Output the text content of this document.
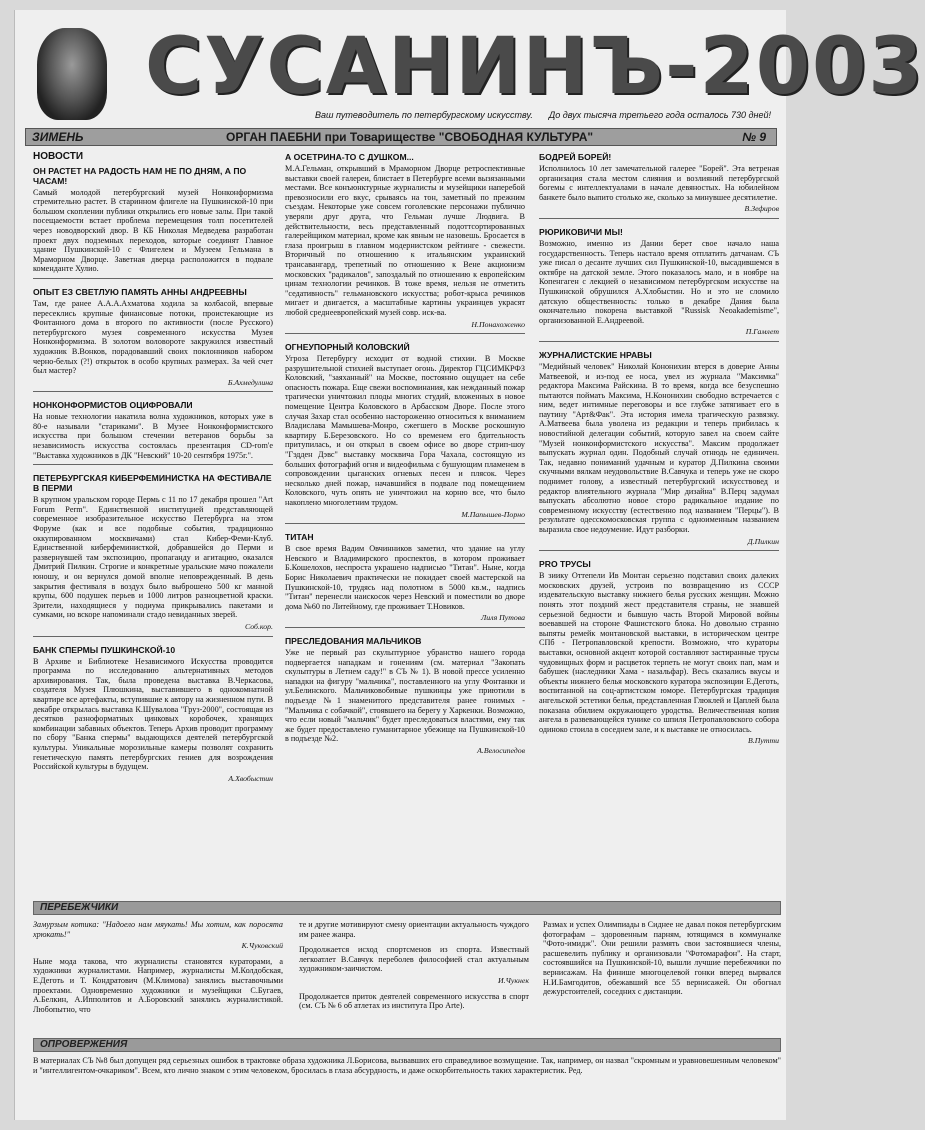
СУСАНИНЪ-2003
Ваш путеводитель по петербургскому искусству. До двух тысяча третьего года осталось 730 дней!
ЗИМЕНЬ	ОРГАН ПАЕБНИ при Товариществе "СВОБОДНАЯ КУЛЬТУРА"	№ 9
НОВОСТИ
ОН РАСТЕТ НА РАДОСТЬ НАМ НЕ ПО ДНЯМ, А ПО ЧАСАМ!
Самый молодой петербургский музей Нонконформизма стремительно растет. В старинном флигеле на Пушкинской-10 при большом скоплении публики открылись его новые залы. При такой посещаемости встает проблема перемещения толп посетителей через новодворский двор. В КБ Николая Медведева разработан проект двух подземных переходов, которые соединят Главное здание Пушкинской-10 с Флигелем и Музеем Гельмана в Мраморном Дворце. Заветная дверца расположится в подвале коменданте Хулио.
ОПЫТ ЕЗ СВЕТЛУЮ ПАМЯТЬ АННЫ АНДРЕЕВНЫ
Там, где ранее А.А.А.Ахматова ходила за колбасой, впервые пересеклись крупные финансовые потоки, проистекающие из Фонтанного дома в второго по активности (после Русского) петербургского музея современного искусства Музея Нонконформизма. В золотом воловороте закружился известный художник В.Вонков, порадовавший своих поклонников набором черно-белых (?!) открыток в особо крупных размерах. За чей счет был мастер?
Б.Ахмедулина
НОНКОНФОРМИСТОВ ОЦИФРОВАЛИ
На новые технологии накатила волна художников, которых уже в 80-е называли "стариками". В Музее Нонконформистского искусства при большом стечении ветеранов борьбы за независимость искусства состоялась презентация CD-rom'e "Выставка художников в ДК "Невский" 10-20 сентября 1975г.".
ПЕТЕРБУРГСКАЯ КИБЕРФЕМИНИСТКА НА ФЕСТИВАЛЕ В ПЕРМИ
В крупном уральском городе Пермь с 11 по 17 декабря прошел "Art Forum Perm". Единственной институцией представляющей современное изобразительное искусство Петербурга на этом Форуме (как и все подобные события, традиционно оккупированном москвичами) стал Кибер-Феми-Клуб. Единственной киберфеминисткой, добравшейся до Перми и развернувшей там экспозицию, пропаганду и агитацию, оказался Дмитрий Пилкин. Строгие и конкретные уральские мачо пожалели юношу, и он вернулся домой вполне неповрежденный. В день закрытия фестиваля в воздух было выброшено 500 кг манной крупы, 600 подушек перьев и 1000 литров разноцветной краски. Зрители, находящиеся у подиума прикрывались пакетами и сумками, но вскоре напоминали стадо невиданных зверей.
Соб.кор.
БАНК СПЕРМЫ ПУШКИНСКОЙ-10
В Архиве и Библиотеке Независимого Искусства проводится программа по исследованию альтернативных методов архивирования. Так, была проведена выставка В.Черкасова, создателя Музея Плюшкина, выставившего в однокомнатной квартире все артефакты, вступившие к автору на жизненном пути. В декабре открылась выставка К.Шувалова "Груз-2000", состоящая из десятков разноформатных цинковых коробочек, хранящих комбинации забавных объектов. Теперь Архив проводит программу по сбору "Банка спермы" выдающихся деятелей петербургской культуры. Уникальные морозильные камеры позволят сохранить генетическую память петербургских гениев для возрождения Российской культуры в будущем.
А.Хвобыстин
А ОСЕТРИНА-ТО С ДУШКОМ...
М.А.Гельман, открывший в Мраморном Дворце ретроспективные выставки своей галереи, блистает в Петербурге всеми вызязанными местами. Все конъюнктурные журналисты и музейщики наперебой превозносили его вкус, срываясь на тон, заметный по прежним съездам. Некоторые уже совсем гоголевские персонажи публично уверяли друг друга, что Гельман лучше Людвига. В действительности, весь представленный подоттсортированных галерейщиком материал, кроме как явным не назовешь. Бросается в глаза проигрыш в главном модернистском рейтинге - свежести. Вторичный по отношению к итальянским украинский трансавангард, трепетный по отношению к Вене акционизм московских "радикалов", запоздалый по отношению к европейским цинам технологии речинков. В тоже время, нельзя не отметить "седативность" гельмановского искусства; робот-крыса речинков мигает и двигается, а масштабные картины украинцев украсят любой среднеевропейский музей совр. иск-ва.
Н.Понахоженко
ОГНЕУПОРНЫЙ КОЛОВСКИЙ
Угроза Петербургу исходит от водной стихии. В Москве разрушительной стихией выступает огонь. Директор ГЦСИМКРФЗ Коловский, "заяханный" на Москве, постоянно ощущает на себе опасность пожара. Еще свежи воспоминания, как нежданный пожар трагически уничтожил плоды многих студий, вложенных в новое помещение Центра Коловского в Арбасском Дворе. После этого случая Захар стал особенно настороженно относиться к вниманием Владислава Мамышева-Монро, сжегшего в Москве роскошную квартиру Б.Березовского. Но со временем его бдительность притупилась, и он открыл в своем офисе во дворе стрип-шоу "Гэдден Дэвс" выставку москвича Гора Чахала, состоящую из больших фотографий огня и видеофильма с бушующим пламенем в сопровождении цыганских огневых песен и плясок. Через несколько дней пожар, начавшийся в подвале под помещением Коловского, чуть опять не уничтожил на корню все, что было накоплено многолетним трудом.
М.Папышев-Порно
ТИТАН
В свое время Вадим Овчинников заметил, что здание на углу Невского и Владимирского проспектов, в котором проживает Б.Кошелохов, неспроста украшено надписью "Титан". Ныне, когда Борис Николаевич практически не покидает своей мастерской на Пушкинской-10, трудясь над полотном в 5000 кв.м., надпись "Титан" перенесли наискосок через Невский и поместили во дворе дома №60 по Литейному, где проживает Т.Новиков.
Лиля Путова
ПРЕСЛЕДОВАНИЯ МАЛЬЧИКОВ
Уже не первый раз скульптурное убранство нашего города подвергается нападкам и гонениям (см. материал "Закопать скульптуры в Летнем саду!" в СЪ № 1). В новой прессе усиленно нападки на фигуру "мальчика", поставленного на углу Фонтанки и ул.Белинского. Мальчиковобивые пушкинцы уже приютили в подъезде №1 знаменитого представителя ранее гонимых - "Мальчика с собачкой", стоявшего на берегу у Харкенки. Возможно, что если новый "мальчик" будет преследоваться властями, ему так же будет предоставлено гуманитарное убежище на Пушкинской-10 в подъезде №2.
А.Велосипедов
БОДРЕЙ БОРЕЙ!
Исполнилось 10 лет замечательной галерее "Борей". Эта ветреная организация стала местом слияния и возлияний петербургской богемы с интеллектуалами в начале девяностых. На юбилейном банкете было выпито столько же, сколько за минувшее десятилетие.
В.Зефиров
РЮРИКОВИЧИ МЫ!
Возможно, именно из Дании берет свое начало наша государственность. Теперь настало время отплатить датчанам. СЪ уже писал о десанте лучших сил Пушкинской-10, высадившемся в октябре на датской земле. Этого показалось мало, и в ноябре на Копенгаген с лекцией о независимом петербургском искусстве на Пушкинской обрушился А.Хлобыстин. Но и это не сломило датскую общественность: только в декабре Дания была окончательно покорена выставкой "Russisk Neoakademisme", организованной Е.Андреевой.
П.Гамлет
ЖУРНАЛИСТСКИЕ НРАВЫ
"Медийный человек" Николай Кононихин втерся в доверие Анны Матвеевой, и из-под ее носа, увел из журнала "Максимка" редактора Максима Райскина. В то время, когда все безуспешно пытаются поймать Максима, Н.Кононихин свободно встречается с ним, ведет интимные переговоры и все глубже затягивает его в паутину "Арт&Фак". Эта история имела трагическую развязку. А.Матвеева была уволена из редакции и теперь прибилась к новостийной делегации событий, которую завел на своем сайте "Музей нонконформистского искусства". Максим продолжает выпускать журнал один. Подобный случай отнюдь не единичен. Так, недавно пониманий удачным и куратор Д.Пилкина своими скучными вялкам неудовольствие В.Савчука и теперь уже не скоро поднимет голову, а известный петербургский искусствовед и редактор влиятельного журнала "Мир дизайна" В.Перц задумал выпускать абсолютно новое сторо радикальное издание по современному искусству (естественно под названием "Перцы"). В результате одесскомосковская группа с одноименным названием выразила свое недоумение. Идут разборки.
Д.Пилкин
PRO ТРУСЫ
В зиику Оттепели Ив Монтан серьезно подставил своих далеких московских друзей, устроив по возвращению из СССР издевательскую выставку нижнего белья русских женщин. Можно понять этот поздний жест представителя страны, не знавшей серьезной бедности и бывшую часть Второй Мировой войны воевавшей на стороне Фашистского блока. Но довольно странно выпяты ремейк монтановской выставки, в историческом центре СПб - Петропавловской крепости. Возможно, что кураторы выставки, основной акцент которой составляют застиранные трусы чудовищных форм и расцветок терпеть не могут своих пап, мам и бабушек (наследники Хама - назальфар). Весь сказались вкусы и объекты нижнего белья московского куратора экспозиции Е.Деготь, воспитанной на соц-артистском юморе. Петербургская традиция ангельской эстетики белья, представленная Глюклей и Цаплей была показана обилием окружающего уродства. Величественная копия ангела в развевающейся тунике со шпиля Петропавловского собора одиноко стоила в соседнем зале, и к выставке не относилась.
В.Путти
ПЕРЕБЕЖЧИКИ

Замурзым котика: "Надоело нам мяукать! Мы хотим, как поросята хрюкать!"

К.Чуковский

Ныне мода такова, что журналисты становятся кураторами, а художники журналистами. Например, журналисты М.Колдобская, Е.Деготь и Т. Кондратович (М.Климова) занялись выставочными проектами. Одновременно художники и музейщики С.Бугаев, А.Белкин, А.Ипполитов и А.Боровский занялись журналистикой. Любопытно, что

те и другие мотивируют смену ориентации актуальность чуждого им ранее жанра.

Продолжается исход спортсменов из спорта. Известный легкоатлет В.Савчук переболев философией стал актуальным художником-заичистом.

И.Чукнек

Продолжается приток деятелей современного искусства в спорт (см. СЪ № 6 об атлетах из института Про Arte).

Размах и успех Олимпиады в Сиднее не давал покоя петербургским фотографам – здоровенным парням, ютящимся в коммуналке "Фото-имидж". Они решили размять свои застоявшиеся члены, расшевелить публику и организовали "Фотомарафон". На старт, состоявшийся на Пушкинской-10, вышли лучшие перебежчики по вернисажам. На финише многоцелевой гонки вперед вырвался Н.И.Бамгодитов, обежавший все 55 вернисажей. Он обогнал дежурстоителей, соседних с дистанции.

ОПРОВЕРЖЕНИЯ
В материалах СЪ №8 был допущен ряд серьезных ошибок в трактовке образа художника Л.Борисова, вызвавших его справедливое возмущение. Так, например, он назвал "скромным и уравновешенным человеком" и "интеллигентом-очкариком". Всем, кто лично знаком с этим человеком, бросилась в глаза абсурдность, и даже оскорбительность таких характеристик. Ред.
